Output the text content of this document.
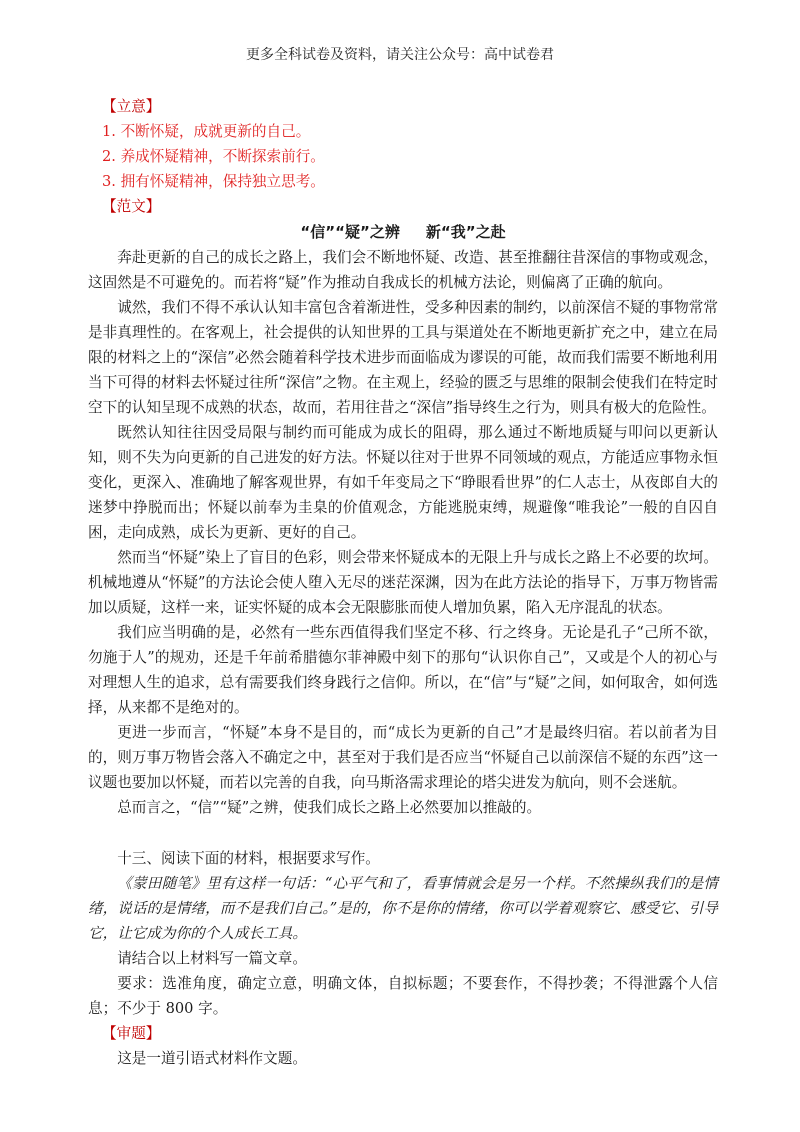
更多全科试卷及资料，请关注公众号：高中试卷君
【立意】
1. 不断怀疑，成就更新的自己。
2. 养成怀疑精神，不断探索前行。
3. 拥有怀疑精神，保持独立思考。
【范文】
“信”“疑”之辨 新“我”之赴

奔赴更新的自己的成长之路上，我们会不断地怀疑、改造、甚至推翻往昔深信的事物或观念，这固然是不可避免的。而若将“疑”作为推动自我成长的机械方法论，则偏离了正确的航向。

诚然，我们不得不承认认知丰富包含着渐进性，受多种因素的制约，以前深信不疑的事物常常是非真理性的。在客观上，社会提供的认知世界的工具与渠道处在不断地更新扩充之中，建立在局限的材料之上的“深信”必然会随着科学技术进步而面临成为谬误的可能，故而我们需要不断地利用当下可得的材料去怀疑过往所“深信”之物。在主观上，经验的匮乏与思维的限制会使我们在特定时空下的认知呈现不成熟的状态，故而，若用往昔之“深信”指导终生之行为，则具有极大的危险性。

既然认知往往因受局限与制约而可能成为成长的阻碍，那么通过不断地质疑与叩问以更新认知，则不失为向更新的自己进发的好方法。怀疑以往对于世界不同领域的观点，方能适应事物永恒变化，更深入、准确地了解客观世界，有如千年变局之下“睁眼看世界”的仁人志士，从夜郎自大的迷梦中挣脱而出；怀疑以前奉为圭臬的价值观念，方能逃脱束缚，规避像“唯我论”一般的自囚自困，走向成熟，成长为更新、更好的自己。

然而当“怀疑”染上了盲目的色彩，则会带来怀疑成本的无限上升与成长之路上不必要的坎坷。机械地遵从“怀疑”的方法论会使人堕入无尽的迷茫深渊，因为在此方法论的指导下，万事万物皆需加以质疑，这样一来，证实怀疑的成本会无限膨胀而使人增加负累，陷入无序混乱的状态。

我们应当明确的是，必然有一些东西值得我们坚定不移、行之终身。无论是孔子“己所不欲，勿施于人”的规劝，还是千年前希腊德尔菲神殿中刻下的那句“认识你自己”，又或是个人的初心与对理想人生的追求，总有需要我们终身践行之信仰。所以，在“信”与“疑”之间，如何取舍，如何选择，从来都不是绝对的。

更进一步而言，“怀疑”本身不是目的，而“成长为更新的自己”才是最终归宿。若以前者为目的，则万事万物皆会落入不确定之中，甚至对于我们是否应当“怀疑自己以前深信不疑的东西”这一议题也要加以怀疑，而若以完善的自我，向马斯洛需求理论的塔尖进发为航向，则不会迷航。

总而言之，“信”“疑”之辨，使我们成长之路上必然要加以推敲的。

十三、阅读下面的材料，根据要求写作。

《蒙田随笔》里有这样一句话：“心平气和了，看事情就会是另一个样。不然操纵我们的是情绪，说话的是情绪，而不是我们自己。”是的，你不是你的情绪，你可以学着观察它、感受它、引导它，让它成为你的个人成长工具。

请结合以上材料写一篇文章。

要求：选准角度，确定立意，明确文体，自拟标题；不要套作，不得抄袭；不得泄露个人信息；不少于 800 字。

【审题】

这是一道引语式材料作文题。
